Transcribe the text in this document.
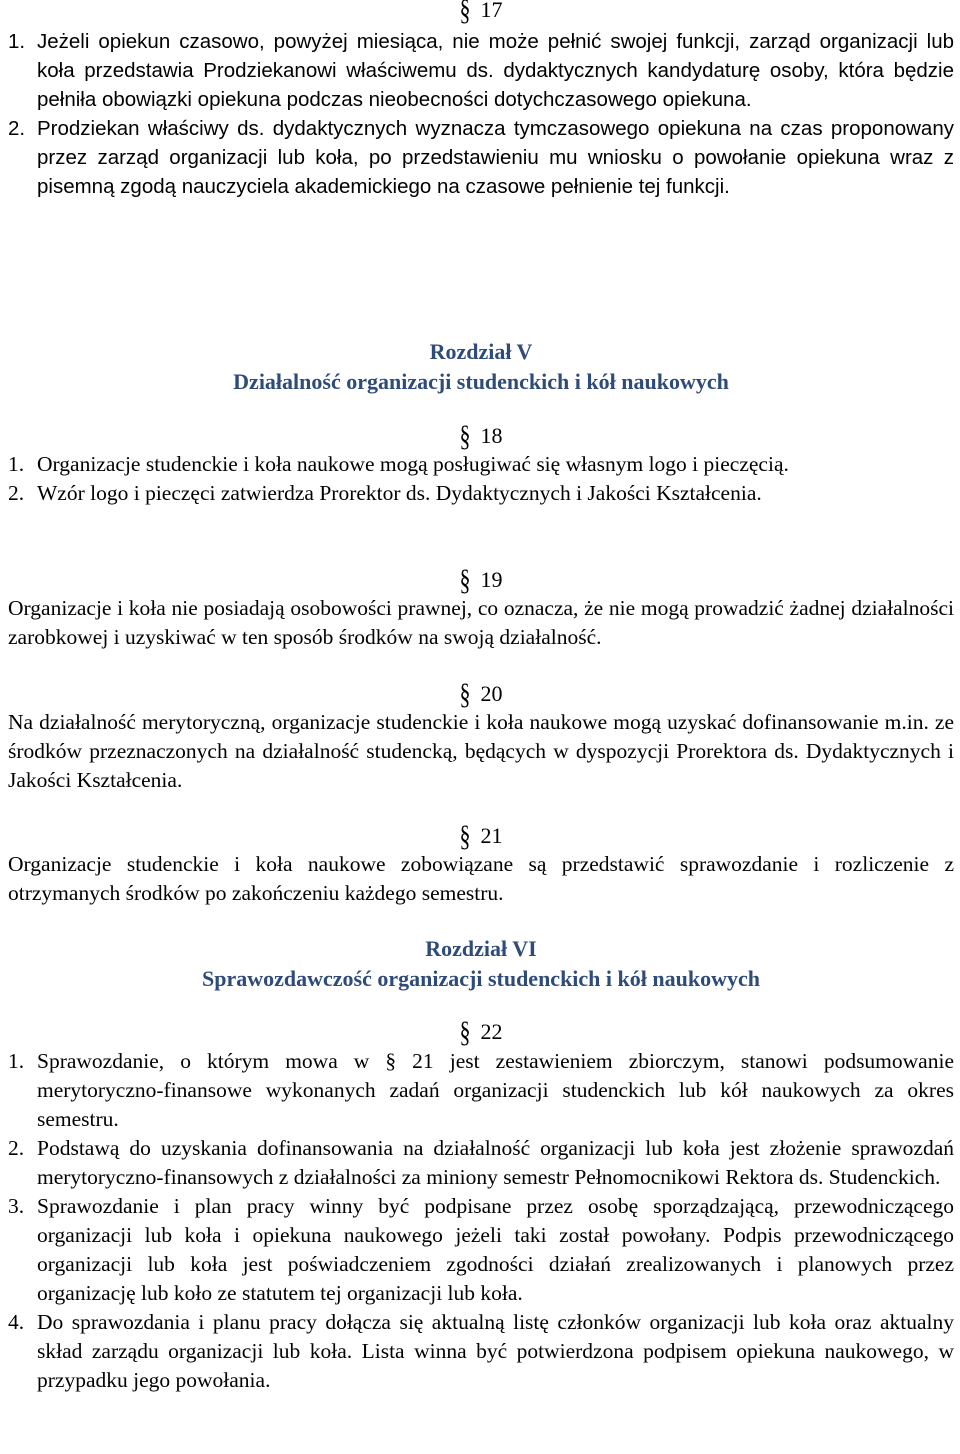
§ 17

1. Jeżeli opiekun czasowo, powyżej miesiąca, nie może pełnić swojej funkcji, zarząd organizacji lub koła przedstawia Prodziekanowi właściwemu ds. dydaktycznych kandydaturę osoby, która będzie pełniła obowiązki opiekuna podczas nieobecności dotychczasowego opiekuna.
2. Prodziekan właściwy ds. dydaktycznych wyznacza tymczasowego opiekuna na czas proponowany przez zarząd organizacji lub koła, po przedstawieniu mu wniosku o powołanie opiekuna wraz z pisemną zgodą nauczyciela akademickiego na czasowe pełnienie tej funkcji.

Rozdział V

Działalność organizacji studenckich i kół naukowych

§ 18

1. Organizacje studenckie i koła naukowe mogą posługiwać się własnym logo i pieczęcią.
2. Wzór logo i pieczęci zatwierdza Prorektor ds. Dydaktycznych i Jakości Kształcenia.

§ 19

Organizacje i koła nie posiadają osobowości prawnej, co oznacza, że nie mogą prowadzić żadnej działalności zarobkowej i uzyskiwać w ten sposób środków na swoją działalność.

§ 20

Na działalność merytoryczną, organizacje studenckie i koła naukowe mogą uzyskać dofinansowanie m.in. ze środków przeznaczonych na działalność studencką, będących w dyspozycji Prorektora ds. Dydaktycznych i Jakości Kształcenia.

§ 21

Organizacje studenckie i koła naukowe zobowiązane są przedstawić sprawozdanie i rozliczenie z otrzymanych środków po zakończeniu każdego semestru.

Rozdział VI

Sprawozdawczość organizacji studenckich i kół naukowych

§ 22

1. Sprawozdanie, o którym mowa w § 21 jest zestawieniem zbiorczym, stanowi podsumowanie merytoryczno-finansowe wykonanych zadań organizacji studenckich lub kół naukowych za okres semestru.
2. Podstawą do uzyskania dofinansowania na działalność organizacji lub koła jest złożenie sprawozdań merytoryczno-finansowych z działalności za miniony semestr Pełnomocnikowi Rektora ds. Studenckich.
3. Sprawozdanie i plan pracy winny być podpisane przez osobę sporządzającą, przewodniczącego organizacji lub koła i opiekuna naukowego jeżeli taki został powołany. Podpis przewodniczącego organizacji lub koła jest poświadczeniem zgodności działań zrealizowanych i planowych przez organizację lub koło ze statutem tej organizacji lub koła.
4. Do sprawozdania i planu pracy dołącza się aktualną listę członków organizacji lub koła oraz aktualny skład zarządu organizacji lub koła. Lista winna być potwierdzona podpisem opiekuna naukowego, w przypadku jego powołania.
